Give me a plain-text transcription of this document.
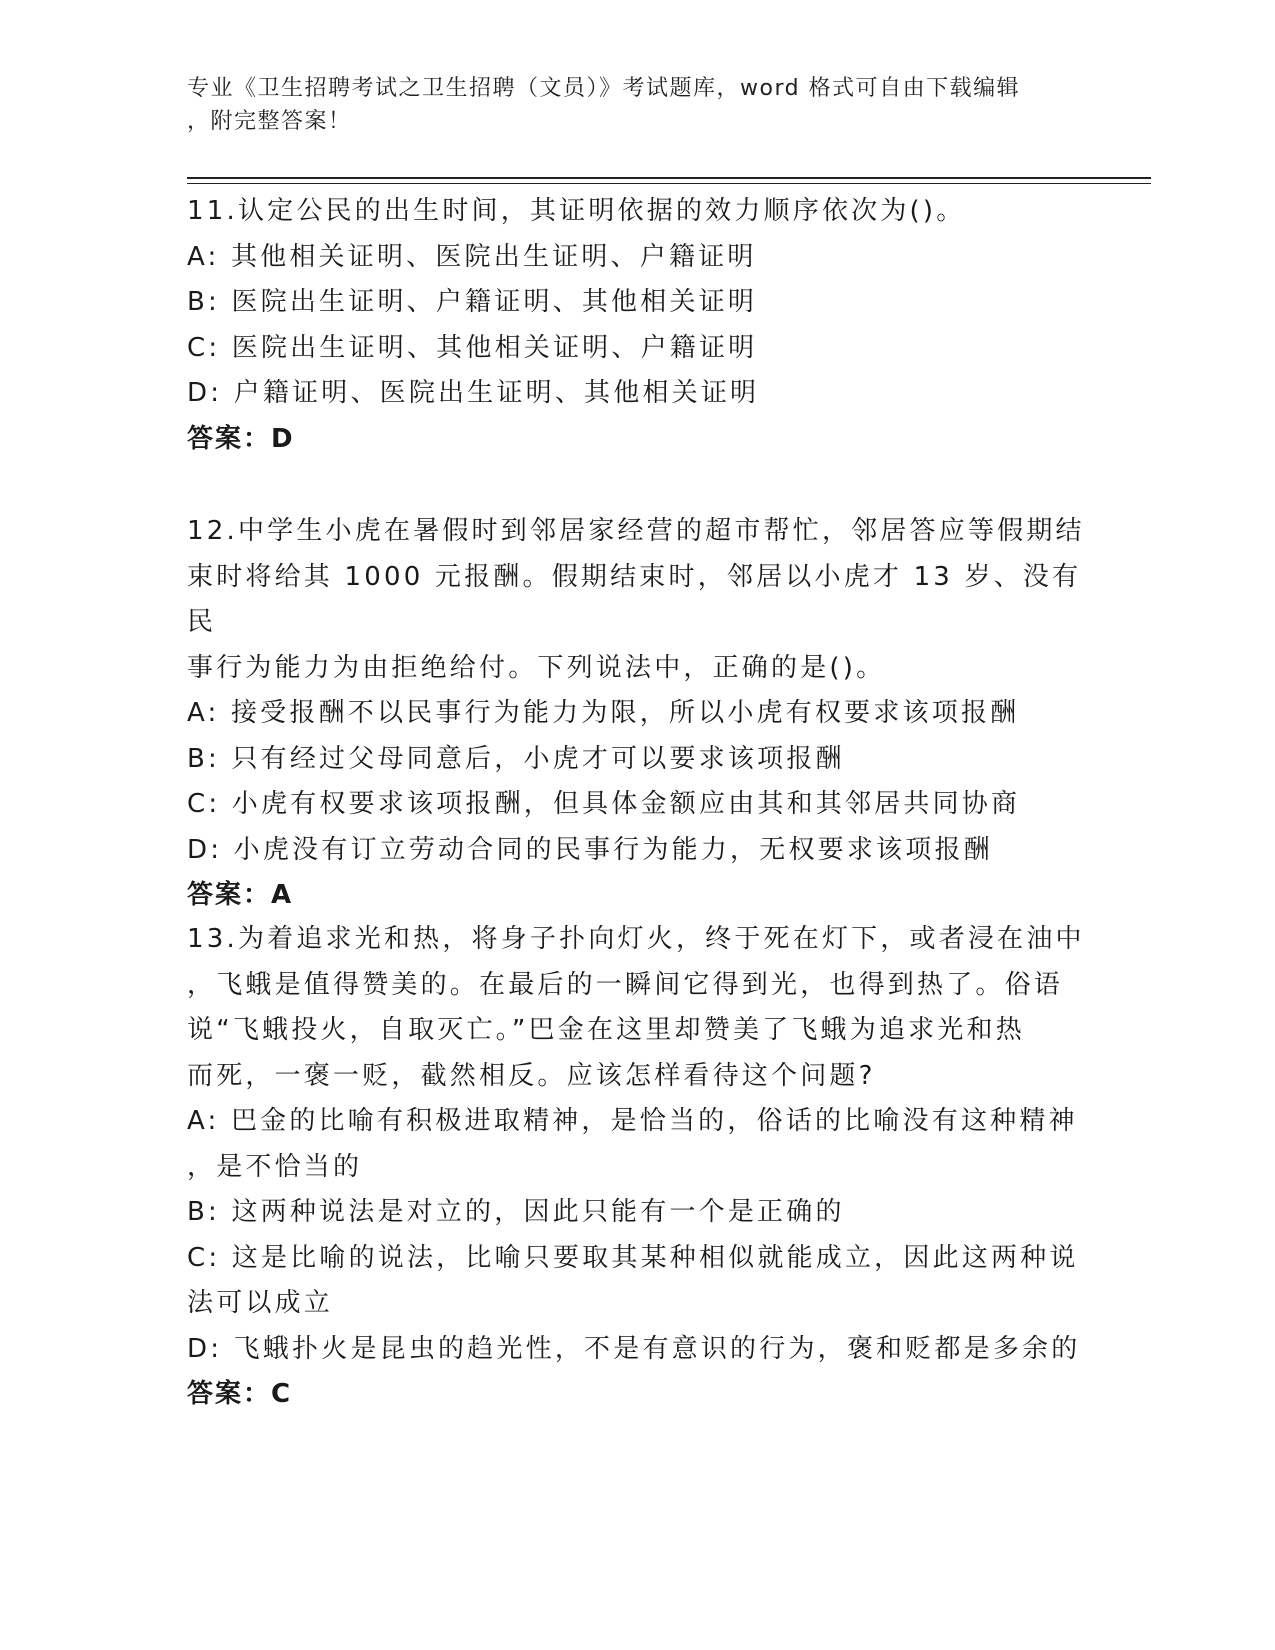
专业《卫生招聘考试之卫生招聘（文员）》考试题库，word 格式可自由下载编辑
，附完整答案！
11.认定公民的出生时间，其证明依据的效力顺序依次为()。
A: 其他相关证明、医院出生证明、户籍证明
B: 医院出生证明、户籍证明、其他相关证明
C: 医院出生证明、其他相关证明、户籍证明
D: 户籍证明、医院出生证明、其他相关证明
答案：D
12.中学生小虎在暑假时到邻居家经营的超市帮忙，邻居答应等假期结
束时将给其 1000 元报酬。假期结束时，邻居以小虎才 13 岁、没有民
事行为能力为由拒绝给付。下列说法中，正确的是()。
A: 接受报酬不以民事行为能力为限，所以小虎有权要求该项报酬
B: 只有经过父母同意后，小虎才可以要求该项报酬
C: 小虎有权要求该项报酬，但具体金额应由其和其邻居共同协商
D: 小虎没有订立劳动合同的民事行为能力，无权要求该项报酬
答案：A
13.为着追求光和热，将身子扑向灯火，终于死在灯下，或者浸在油中
，飞蛾是值得赞美的。在最后的一瞬间它得到光，也得到热了。俗语
说“飞蛾投火，自取灭亡。”巴金在这里却赞美了飞蛾为追求光和热
而死，一褒一贬，截然相反。应该怎样看待这个问题?
A: 巴金的比喻有积极进取精神，是恰当的，俗话的比喻没有这种精神
，是不恰当的
B: 这两种说法是对立的，因此只能有一个是正确的
C: 这是比喻的说法，比喻只要取其某种相似就能成立，因此这两种说
法可以成立
D: 飞蛾扑火是昆虫的趋光性，不是有意识的行为，褒和贬都是多余的
答案：C
